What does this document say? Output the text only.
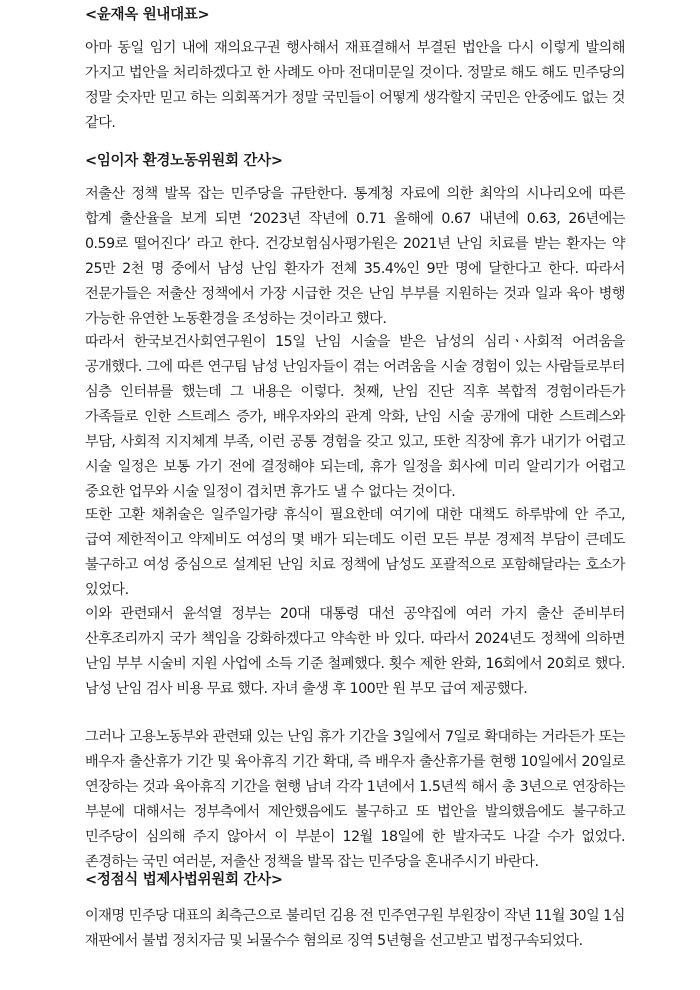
<윤재옥 원내대표>

아마 동일 임기 내에 재의요구권 행사해서 재표결해서 부결된 법안을 다시 이렇게 발의해 가지고 법안을 처리하겠다고 한 사례도 아마 전대미문일 것이다. 정말로 해도 해도 민주당의 정말 숫자만 믿고 하는 의회폭거가 정말 국민들이 어떻게 생각할지 국민은 안중에도 없는 것 같다.

<임이자 환경노동위원회 간사>

저출산 정책 발목 잡는 민주당을 규탄한다. 통계청 자료에 의한 최악의 시나리오에 따른 합계 출산율을 보게 되면 ‘2023년 작년에 0.71 올해에 0.67 내년에 0.63, 26년에는 0.59로 떨어진다’ 라고 한다. 건강보험심사평가원은 2021년 난임 치료를 받는 환자는 약 25만 2천 명 중에서 남성 난임 환자가 전체 35.4%인 9만 명에 달한다고 한다. 따라서 전문가들은 저출산 정책에서 가장 시급한 것은 난임 부부를 지원하는 것과 일과 육아 병행 가능한 유연한 노동환경을 조성하는 것이라고 했다.

따라서 한국보건사회연구원이 15일 난임 시술을 받은 남성의 심리ㆍ사회적 어려움을 공개했다. 그에 따른 연구팀 남성 난임자들이 겪는 어려움을 시술 경험이 있는 사람들로부터 심층 인터뷰를 했는데 그 내용은 이렇다. 첫째, 난임 진단 직후 복합적 경험이라든가 가족들로 인한 스트레스 증가, 배우자와의 관계 악화, 난임 시술 공개에 대한 스트레스와 부담, 사회적 지지체계 부족, 이런 공통 경험을 갖고 있고, 또한 직장에 휴가 내기가 어렵고 시술 일정은 보통 가기 전에 결정해야 되는데, 휴가 일정을 회사에 미리 알리기가 어렵고 중요한 업무와 시술 일정이 겹치면 휴가도 낼 수 없다는 것이다.

또한 고환 채취술은 일주일가량 휴식이 필요한데 여기에 대한 대책도 하루밖에 안 주고, 급여 제한적이고 약제비도 여성의 몇 배가 되는데도 이런 모든 부분 경제적 부담이 큰데도 불구하고 여성 중심으로 설계된 난임 치료 정책에 남성도 포괄적으로 포함해달라는 호소가 있었다.

이와 관련돼서 윤석열 정부는 20대 대통령 대선 공약집에 여러 가지 출산 준비부터 산후조리까지 국가 책임을 강화하겠다고 약속한 바 있다. 따라서 2024년도 정책에 의하면 난임 부부 시술비 지원 사업에 소득 기준 철폐했다. 횟수 제한 완화, 16회에서 20회로 했다. 남성 난임 검사 비용 무료 했다. 자녀 출생 후 100만 원 부모 급여 제공했다.

그러나 고용노동부와 관련돼 있는 난임 휴가 기간을 3일에서 7일로 확대하는 거라든가 또는 배우자 출산휴가 기간 및 육아휴직 기간 확대, 즉 배우자 출산휴가를 현행 10일에서 20일로 연장하는 것과 육아휴직 기간을 현행 남녀 각각 1년에서 1.5년씩 해서 총 3년으로 연장하는 부분에 대해서는 정부측에서 제안했음에도 불구하고 또 법안을 발의했음에도 불구하고 민주당이 심의해 주지 않아서 이 부분이 12월 18일에 한 발자국도 나갈 수가 없었다. 존경하는 국민 여러분, 저출산 정책을 발목 잡는 민주당을 혼내주시기 바란다.

<정점식 법제사법위원회 간사>

이재명 민주당 대표의 최측근으로 불리던 김용 전 민주연구원 부원장이 작년 11월 30일 1심 재판에서 불법 정치자금 및 뇌물수수 혐의로 징역 5년형을 선고받고 법정구속되었다.
